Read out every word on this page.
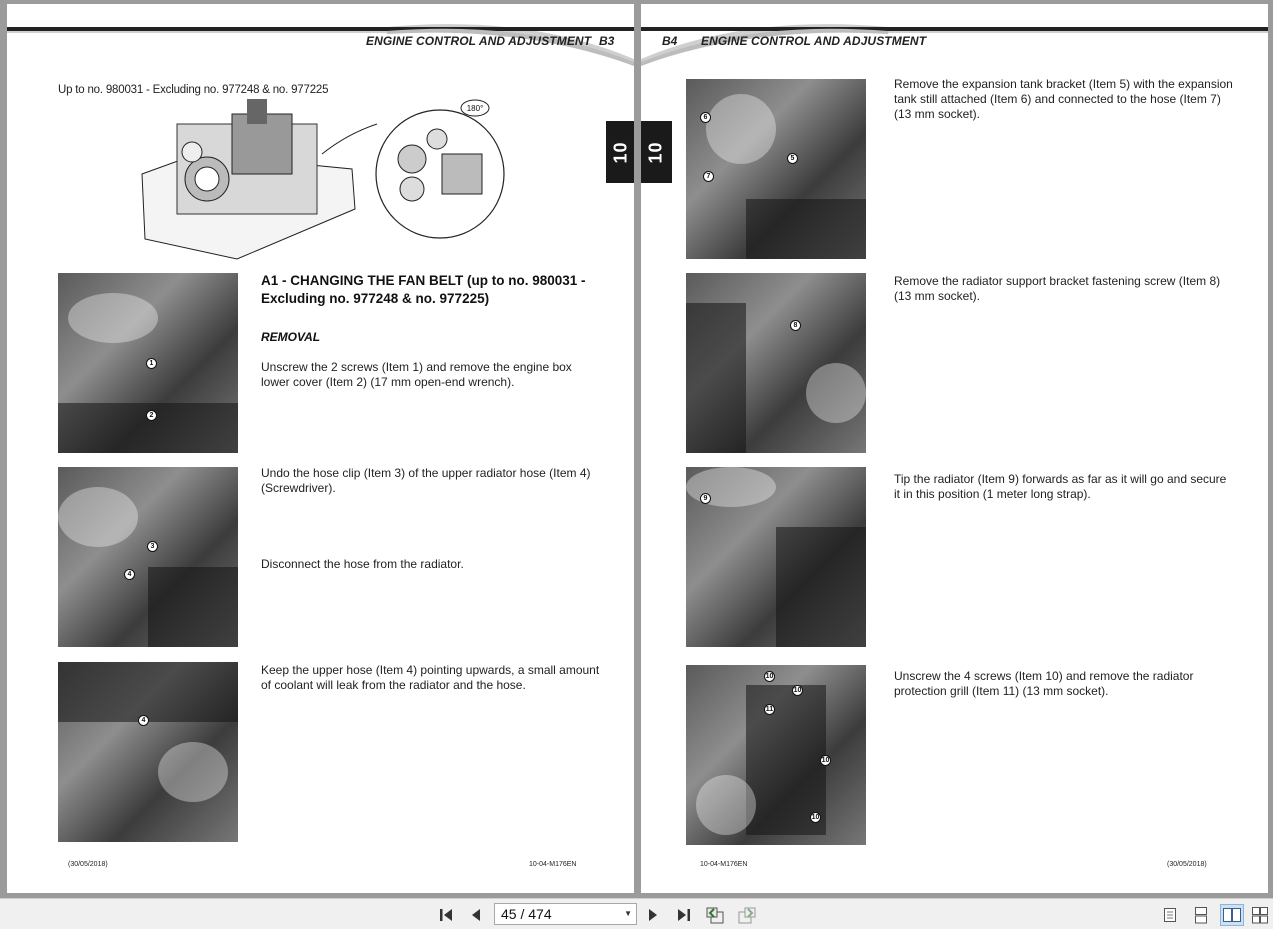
ENGINE CONTROL AND ADJUSTMENT B3
10
Up to no. 980031 - Excluding no. 977248 & no. 977225
180°
1
2
A1 - CHANGING THE FAN BELT (up to no. 980031 -
Excluding no. 977248 & no. 977225)
REMOVAL
Unscrew the 2 screws (Item 1) and remove the engine box lower cover (Item 2) (17 mm open-end wrench).
3
4
Undo the hose clip (Item 3) of the upper radiator hose (Item 4) (Screwdriver).
Disconnect the hose from the radiator.
4
Keep the upper hose (Item 4) pointing upwards, a small amount of coolant will leak from the radiator and the hose.
(30/05/2018)	10-04-M176EN
B4 ENGINE CONTROL AND ADJUSTMENT
10
6
5
7
Remove the expansion tank bracket (Item 5) with the expansion tank still attached (Item 6) and connected to the hose (Item 7) (13 mm socket).
8
Remove the radiator support bracket fastening screw (Item 8) (13 mm socket).
9
Tip the radiator (Item 9) forwards as far as it will go and secure it in this position (1 meter long strap).
10
10
11
10
10
Unscrew the 4 screws (Item 10) and remove the radiator protection grill (Item 11) (13 mm socket).
10-04-M176EN	(30/05/2018)
45 / 474	▼
